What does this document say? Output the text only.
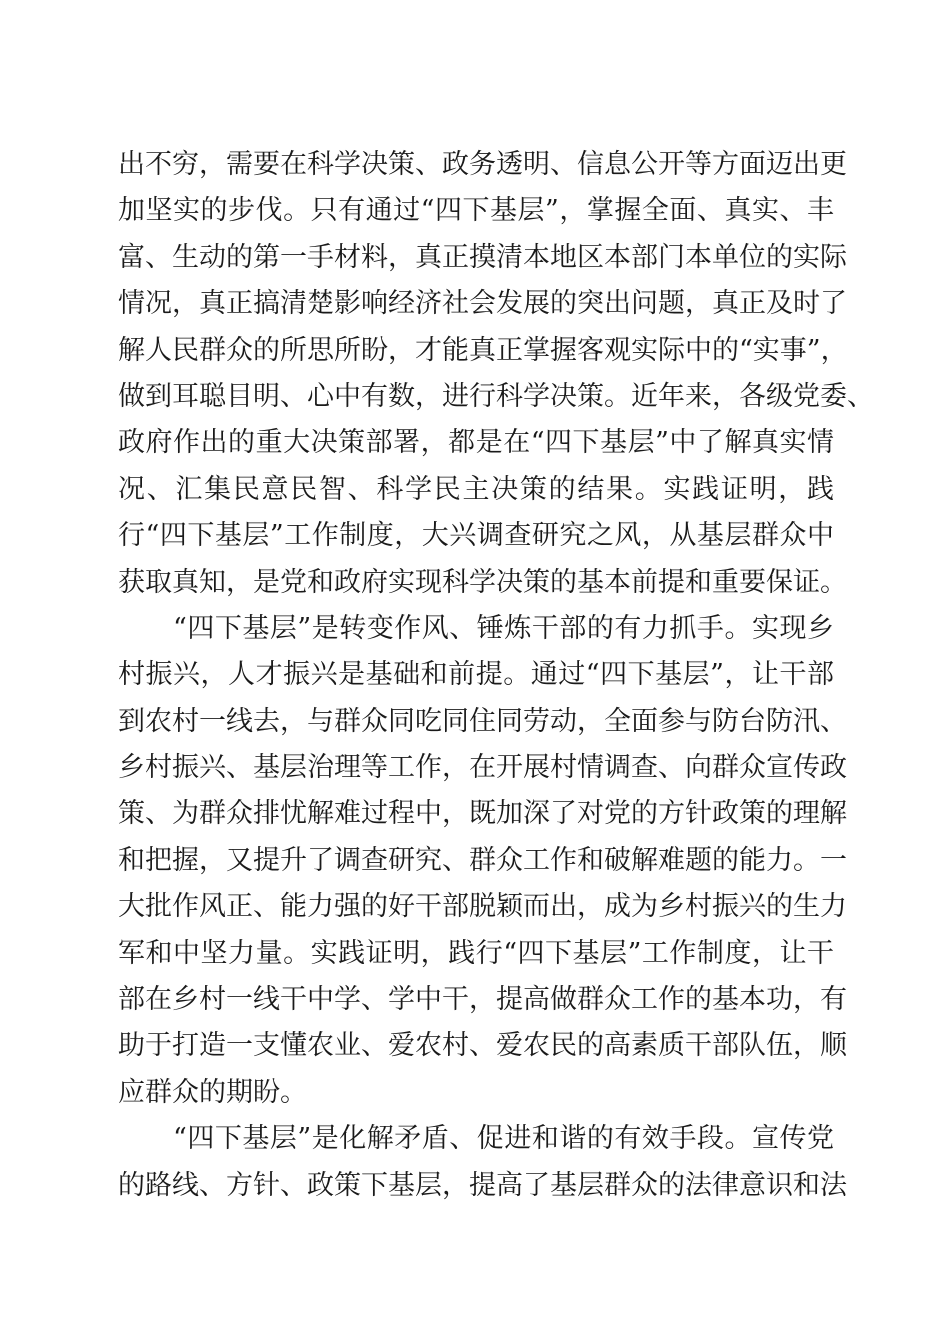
出不穷，需要在科学决策、政务透明、信息公开等方面迈出更
加坚实的步伐。只有通过“四下基层”，掌握全面、真实、丰
富、生动的第一手材料，真正摸清本地区本部门本单位的实际
情况，真正搞清楚影响经济社会发展的突出问题，真正及时了
解人民群众的所思所盼，才能真正掌握客观实际中的“实事”，
做到耳聪目明、心中有数，进行科学决策。近年来，各级党委、
政府作出的重大决策部署，都是在“四下基层”中了解真实情
况、汇集民意民智、科学民主决策的结果。实践证明，践
行“四下基层”工作制度，大兴调查研究之风，从基层群众中
获取真知，是党和政府实现科学决策的基本前提和重要保证。
“四下基层”是转变作风、锤炼干部的有力抓手。实现乡
村振兴，人才振兴是基础和前提。通过“四下基层”，让干部
到农村一线去，与群众同吃同住同劳动，全面参与防台防汛、
乡村振兴、基层治理等工作，在开展村情调查、向群众宣传政
策、为群众排忧解难过程中，既加深了对党的方针政策的理解
和把握，又提升了调查研究、群众工作和破解难题的能力。一
大批作风正、能力强的好干部脱颖而出，成为乡村振兴的生力
军和中坚力量。实践证明，践行“四下基层”工作制度，让干
部在乡村一线干中学、学中干，提高做群众工作的基本功，有
助于打造一支懂农业、爱农村、爱农民的高素质干部队伍，顺
应群众的期盼。
“四下基层”是化解矛盾、促进和谐的有效手段。宣传党
的路线、方针、政策下基层，提高了基层群众的法律意识和法
